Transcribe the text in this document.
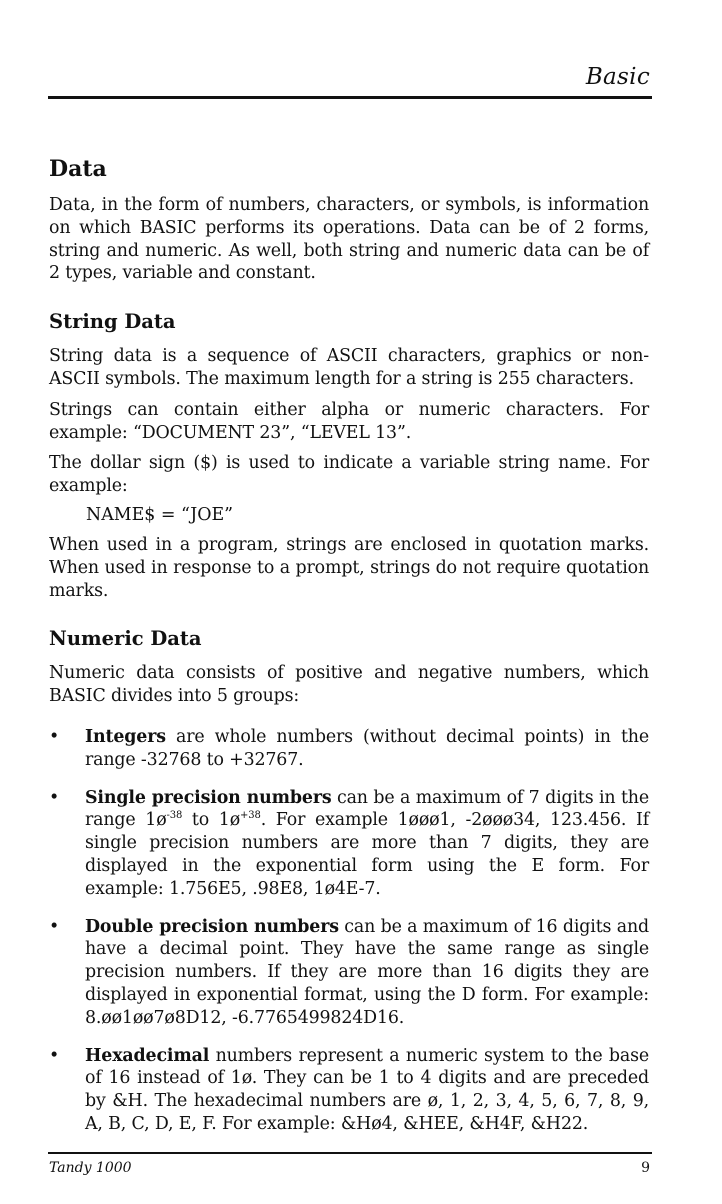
Basic
Data

Data, in the form of numbers, characters, or symbols, is information on which BASIC performs its operations. Data can be of 2 forms, string and numeric. As well, both string and numeric data can be of 2 types, variable and constant.

String Data

String data is a sequence of ASCII characters, graphics or non-ASCII symbols. The maximum length for a string is 255 characters.

Strings can contain either alpha or numeric characters. For example: “DOCUMENT 23”, “LEVEL 13”.

The dollar sign ($) is used to indicate a variable string name. For example:

NAME$ = “JOE”

When used in a program, strings are enclosed in quotation marks. When used in response to a prompt, strings do not require quotation marks.

Numeric Data

Numeric data consists of positive and negative numbers, which BASIC divides into 5 groups:

• Integers are whole numbers (without decimal points) in the range -32768 to +32767.

• Single precision numbers can be a maximum of 7 digits in the range $1ø^{-38}$ to $1ø^{+38}$. For example 1øøø1, -2øøø34, 123.456. If single precision numbers are more than 7 digits, they are displayed in the exponential form using the E form. For example: 1.756E5, .98E8, 1ø4E-7.

• Double precision numbers can be a maximum of 16 digits and have a decimal point. They have the same range as single precision numbers. If they are more than 16 digits they are displayed in exponential format, using the D form. For example: 8.øø1øø7ø8D12, -6.7765499824D16.

• Hexadecimal numbers represent a numeric system to the base of 16 instead of 1ø. They can be 1 to 4 digits and are preceded by &H. The hexadecimal numbers are ø, 1, 2, 3, 4, 5, 6, 7, 8, 9, A, B, C, D, E, F. For example: &Hø4, &HEE, &H4F, &H22.

Tandy 1000	9
